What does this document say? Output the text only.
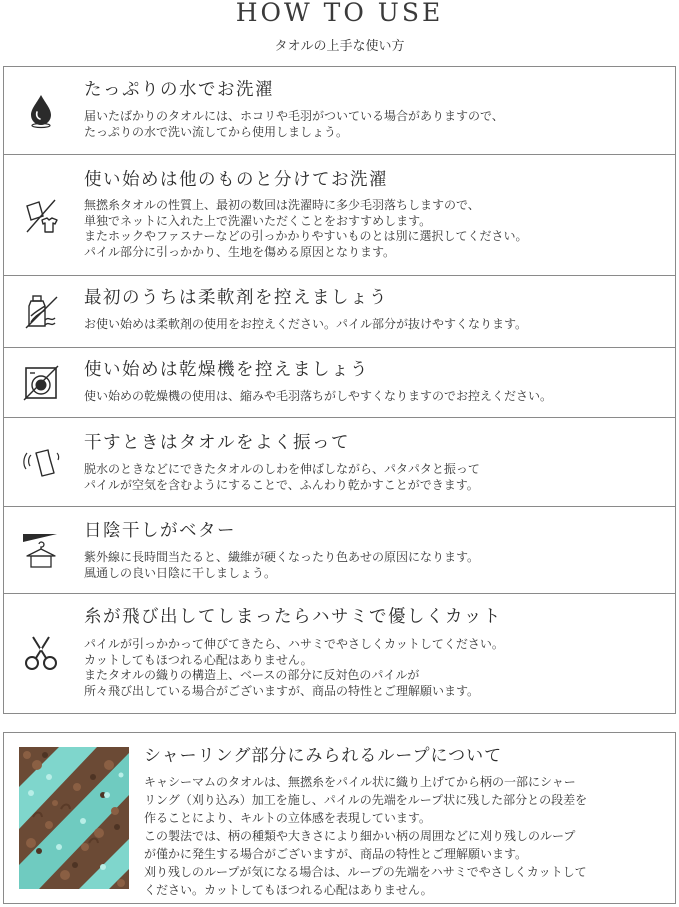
HOW TO USE
タオルの上手な使い方
たっぷりの水でお洗濯
届いたばかりのタオルには、ホコリや毛羽がついている場合がありますので、
たっぷりの水で洗い流してから使用しましょう。
使い始めは他のものと分けてお洗濯
無撚糸タオルの性質上、最初の数回は洗濯時に多少毛羽落ちしますので、
単独でネットに入れた上で洗濯いただくことをおすすめします。
またホックやファスナーなどの引っかかりやすいものとは別に選択してください。
パイル部分に引っかかり、生地を傷める原因となります。
最初のうちは柔軟剤を控えましょう
お使い始めは柔軟剤の使用をお控えください。パイル部分が抜けやすくなります。
使い始めは乾燥機を控えましょう
使い始めの乾燥機の使用は、縮みや毛羽落ちがしやすくなりますのでお控えください。
干すときはタオルをよく振って
脱水のときなどにできたタオルのしわを伸ばしながら、パタパタと振って
パイルが空気を含むようにすることで、ふんわり乾かすことができます。
日陰干しがベター
紫外線に長時間当たると、繊維が硬くなったり色あせの原因になります。
風通しの良い日陰に干しましょう。
糸が飛び出してしまったらハサミで優しくカット
パイルが引っかかって伸びてきたら、ハサミでやさしくカットしてください。
カットしてもほつれる心配はありません。
またタオルの織りの構造上、ベースの部分に反対色のパイルが
所々飛び出している場合がございますが、商品の特性とご理解願います。
シャーリング部分にみられるループについて
キャシーマムのタオルは、無撚糸をパイル状に織り上げてから柄の一部にシャー
リング（刈り込み）加工を施し、パイルの先端をループ状に残した部分との段差を
作ることにより、キルトの立体感を表現しています。
この製法では、柄の種類や大きさにより細かい柄の周囲などに刈り残しのループ
が僅かに発生する場合がございますが、商品の特性とご理解願います。
刈り残しのループが気になる場合は、ループの先端をハサミでやさしくカットして
ください。カットしてもほつれる心配はありません。
